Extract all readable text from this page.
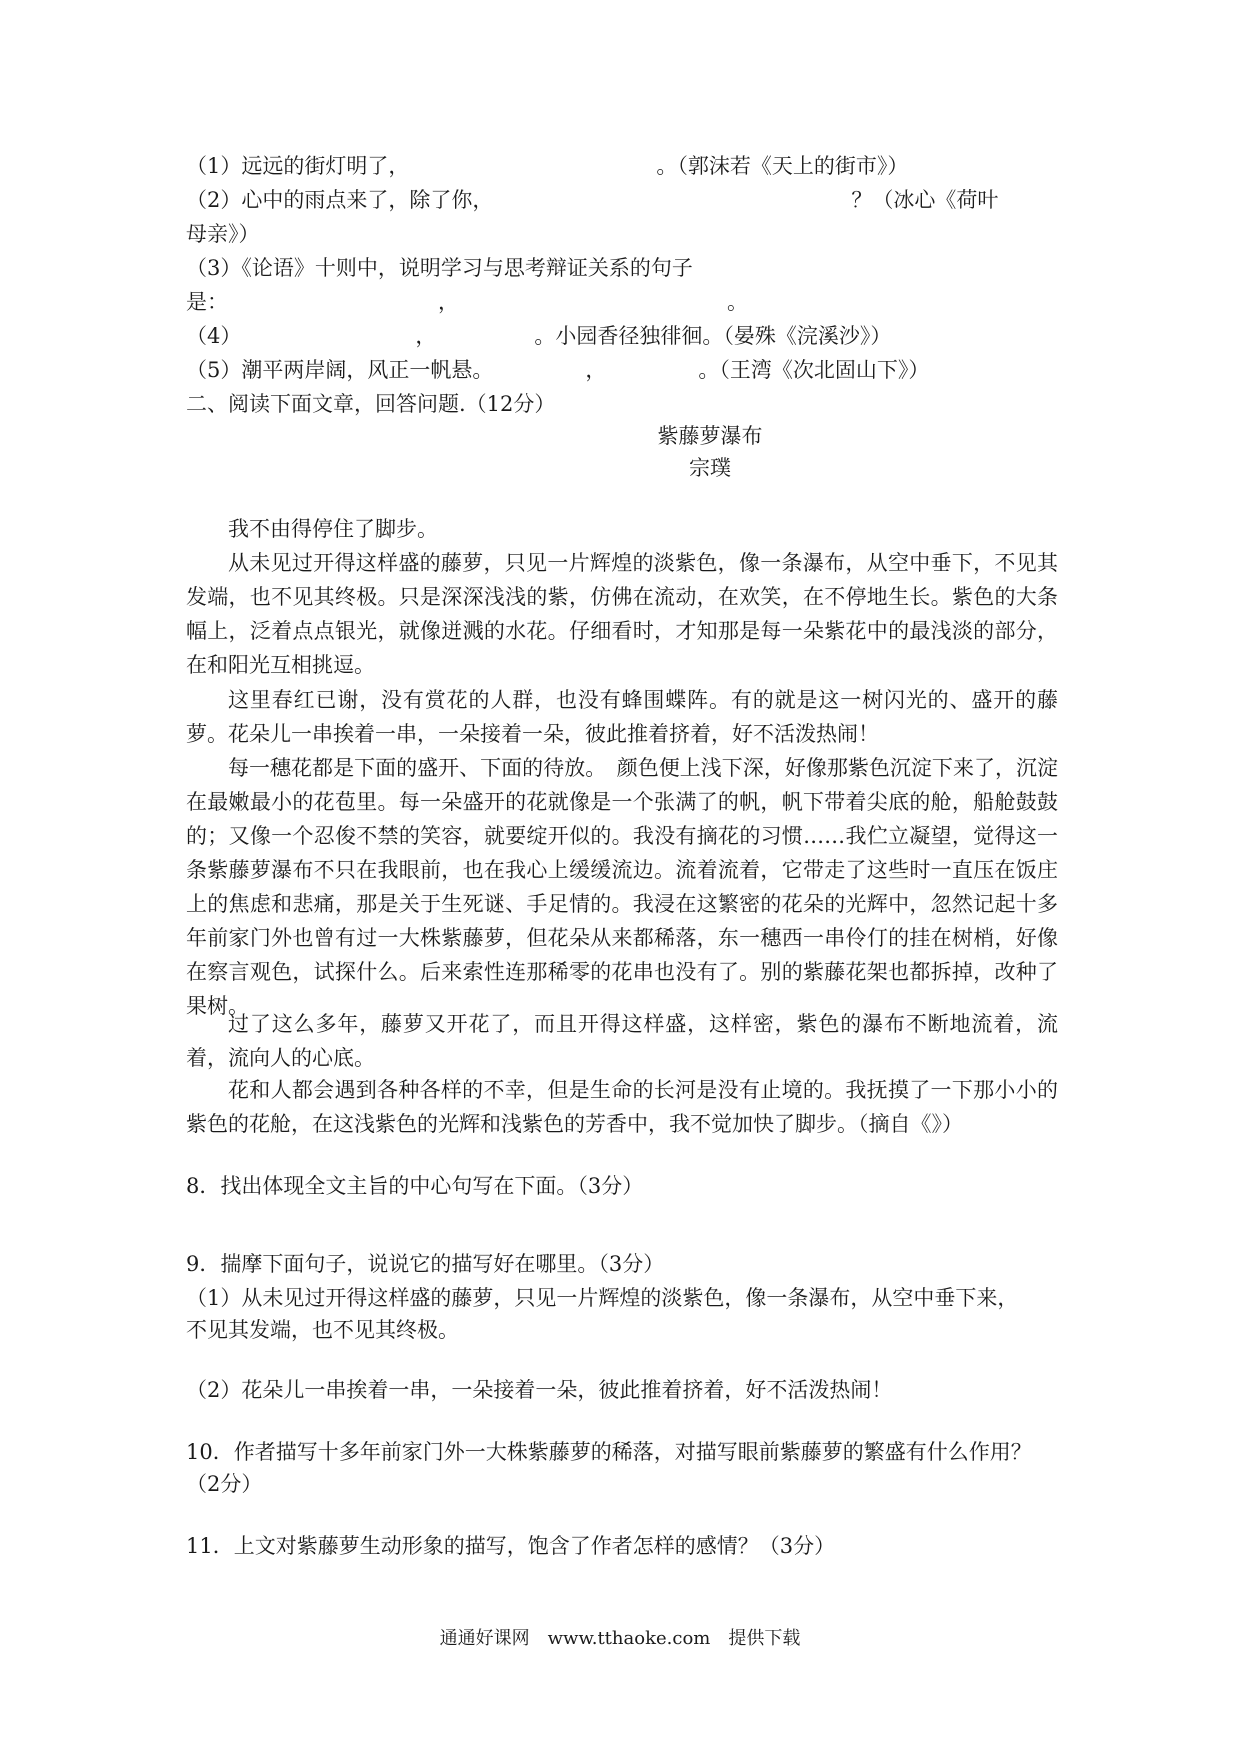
（1）远远的街灯明了，	。（郭沫若《天上的街市》）
（2）心中的雨点来了，除了你，	？（冰心《荷叶
母亲》）
（3）《论语》十则中，说明学习与思考辩证关系的句子
是：	，	。
（4）	，	。小园香径独徘徊。（晏殊《浣溪沙》）
（5）潮平两岸阔，风正一帆悬。	，	。（王湾《次北固山下》）
二、阅读下面文章，回答问题.（12分）
紫藤萝瀑布
宗璞
我不由得停住了脚步。
从未见过开得这样盛的藤萝，只见一片辉煌的淡紫色，像一条瀑布，从空中垂下，不见其发端，也不见其终极。只是深深浅浅的紫，仿佛在流动，在欢笑，在不停地生长。紫色的大条幅上，泛着点点银光，就像迸溅的水花。仔细看时，才知那是每一朵紫花中的最浅淡的部分，在和阳光互相挑逗。
这里春红已谢，没有赏花的人群，也没有蜂围蝶阵。有的就是这一树闪光的、盛开的藤萝。花朵儿一串挨着一串，一朵接着一朵，彼此推着挤着，好不活泼热闹！
每一穗花都是下面的盛开、下面的待放。　颜色便上浅下深，好像那紫色沉淀下来了，沉淀在最嫩最小的花苞里。每一朵盛开的花就像是一个张满了的帆，帆下带着尖底的舱，船舱鼓鼓的；又像一个忍俊不禁的笑容，就要绽开似的。我没有摘花的习惯……我伫立凝望，觉得这一条紫藤萝瀑布不只在我眼前，也在我心上缓缓流边。流着流着，它带走了这些时一直压在饭庄上的焦虑和悲痛，那是关于生死谜、手足情的。我浸在这繁密的花朵的光辉中，忽然记起十多年前家门外也曾有过一大株紫藤萝，但花朵从来都稀落，东一穗西一串伶仃的挂在树梢，好像在察言观色，试探什么。后来索性连那稀零的花串也没有了。别的紫藤花架也都拆掉，改种了果树。
过了这么多年，藤萝又开花了，而且开得这样盛，这样密，紫色的瀑布不断地流着，流着，流向人的心底。
花和人都会遇到各种各样的不幸，但是生命的长河是没有止境的。我抚摸了一下那小小的紫色的花舱，在这浅紫色的光辉和浅紫色的芳香中，我不觉加快了脚步。（摘自《》）
8．找出体现全文主旨的中心句写在下面。（3分）
9．揣摩下面句子，说说它的描写好在哪里。（3分）
（1）从未见过开得这样盛的藤萝，只见一片辉煌的淡紫色，像一条瀑布，从空中垂下来，
不见其发端，也不见其终极。
（2）花朵儿一串挨着一串，一朵接着一朵，彼此推着挤着，好不活泼热闹！
10．作者描写十多年前家门外一大株紫藤萝的稀落，对描写眼前紫藤萝的繁盛有什么作用？
（2分）
11．上文对紫藤萝生动形象的描写，饱含了作者怎样的感情？（3分）
通通好课网　www.tthaoke.com　提供下载
